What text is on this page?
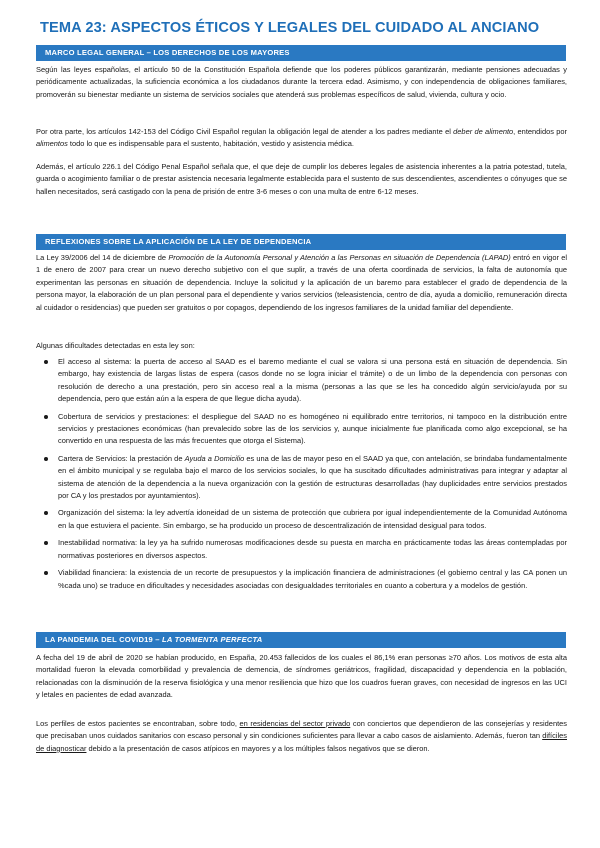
TEMA 23: ASPECTOS ÉTICOS Y LEGALES DEL CUIDADO AL ANCIANO
MARCO LEGAL GENERAL – LOS DERECHOS DE LOS MAYORES

Según las leyes españolas, el artículo 50 de la Constitución Española defiende que los poderes públicos garantizarán, mediante pensiones adecuadas y periódicamente actualizadas, la suficiencia económica a los ciudadanos durante la tercera edad. Asimismo, y con independencia de obligaciones familiares, promoverán su bienestar mediante un sistema de servicios sociales que atenderá sus problemas específicos de salud, vivienda, cultura y ocio.

Por otra parte, los artículos 142-153 del Código Civil Español regulan la obligación legal de atender a los padres mediante el deber de alimento, entendidos por alimentos todo lo que es indispensable para el sustento, habitación, vestido y asistencia médica.

Además, el artículo 226.1 del Código Penal Español señala que, el que deje de cumplir los deberes legales de asistencia inherentes a la patria potestad, tutela, guarda o acogimiento familiar o de prestar asistencia necesaria legalmente establecida para el sustento de sus descendientes, ascendientes o cónyuges que se hallen necesitados, será castigado con la pena de prisión de entre 3-6 meses o con una multa de entre 6-12 meses.

REFLEXIONES SOBRE LA APLICACIÓN DE LA LEY DE DEPENDENCIA

La Ley 39/2006 del 14 de diciembre de Promoción de la Autonomía Personal y Atención a las Personas en situación de Dependencia (LAPAD) entró en vigor el 1 de enero de 2007 para crear un nuevo derecho subjetivo con el que suplir, a través de una oferta coordinada de servicios, la falta de autonomía que experimentan las personas en situación de dependencia. Incluye la solicitud y la aplicación de un baremo para establecer el grado de dependencia de la persona mayor, la elaboración de un plan personal para el dependiente y varios servicios (teleasistencia, centro de día, ayuda a domicilio, remuneración directa al cuidador o residencias) que pueden ser gratuitos o por copagos, dependiendo de los ingresos familiares de la unidad familiar del dependiente.

Algunas dificultades detectadas en esta ley son:

El acceso al sistema: la puerta de acceso al SAAD es el baremo mediante el cual se valora si una persona está en situación de dependencia. Sin embargo, hay existencia de largas listas de espera (casos donde no se logra iniciar el trámite) o de un limbo de la dependencia con personas con resolución de derecho a una prestación, pero sin acceso real a la misma (personas a las que se les ha concedido algún servicio/ayuda por su dependencia, pero que están aún a la espera de que llegue dicha ayuda).
Cobertura de servicios y prestaciones: el despliegue del SAAD no es homogéneo ni equilibrado entre territorios, ni tampoco en la distribución entre servicios y prestaciones económicas (han prevalecido sobre las de los servicios y, aunque inicialmente fue planificada como algo excepcional, se ha convertido en una respuesta de las más frecuentes que otorga el Sistema).
Cartera de Servicios: la prestación de Ayuda a Domicilio es una de las de mayor peso en el SAAD ya que, con antelación, se brindaba fundamentalmente en el ámbito municipal y se regulaba bajo el marco de los servicios sociales, lo que ha suscitado dificultades administrativas para integrar y adaptar al sistema de atención de la dependencia a la nueva organización con la gestión de estructuras desarrolladas (hay duplicidades entre servicios prestados por CA y los prestados por ayuntamientos).
Organización del sistema: la ley advertía idoneidad de un sistema de protección que cubriera por igual independientemente de la Comunidad Autónoma en la que estuviera el paciente. Sin embargo, se ha producido un proceso de descentralización de intensidad desigual para todos.
Inestabilidad normativa: la ley ya ha sufrido numerosas modificaciones desde su puesta en marcha en prácticamente todas las áreas contempladas por normativas posteriores en diversos aspectos.
Viabilidad financiera: la existencia de un recorte de presupuestos y la implicación financiera de administraciones (el gobierno central y las CA ponen un %cada uno) se traduce en dificultades y necesidades asociadas con desigualdades territoriales en cuanto a cobertura y a modelos de gestión.
LA PANDEMIA DEL COVID19 – LA TORMENTA PERFECTA

A fecha del 19 de abril de 2020 se habían producido, en España, 20.453 fallecidos de los cuales el 86,1% eran personas ≥70 años. Los motivos de esta alta mortalidad fueron la elevada comorbilidad y prevalencia de demencia, de síndromes geriátricos, fragilidad, discapacidad y dependencia en la población, relacionadas con la disminución de la reserva fisiológica y una menor resiliencia que hizo que los cuadros fueran graves, con necesidad de ingresos en las UCI y letales en pacientes de edad avanzada.

Los perfiles de estos pacientes se encontraban, sobre todo, en residencias del sector privado con conciertos que dependieron de las consejerías y residentes que precisaban unos cuidados sanitarios con escaso personal y sin condiciones suficientes para llevar a cabo casos de aislamiento. Además, fueron tan difíciles de diagnosticar debido a la presentación de casos atípicos en mayores y a los múltiples falsos negativos que se dieron.
